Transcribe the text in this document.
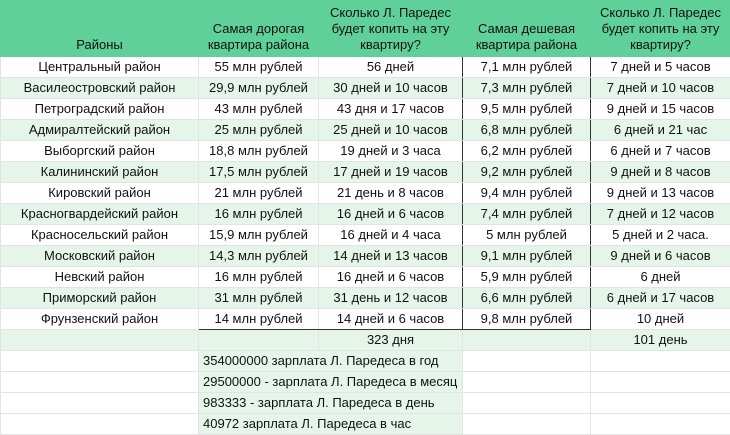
Районы	Самая дорогая квартира района	Сколько Л. Паредес будет копить на эту квартиру?	Самая дешевая квартира района	Сколько Л. Паредес будет копить на эту квартиру?
Центральный район	55 млн рублей	56 дней	7,1 млн рублей	7 дней и 5 часов
Василеостровский район	29,9 млн рублей	30 дней и 10 часов	7,3 млн рублей	7 дней и 10 часов
Петроградский район	43 млн рублей	43 дня и 17 часов	9,5 млн рублей	9 дней и 15 часов
Адмиралтейский район	25 млн рублей	25 дней и 10 часов	6,8 млн рублей	6 дней и 21 час
Выборгский район	18,8 млн рублей	19 дней и 3 часа	6,2 млн рублей	6 дней и 7 часов
Калининский район	17,5 млн рублей	17 дней и 19 часов	9,2 млн рублей	9 дней и 8 часов
Кировский район	21 млн рублей	21 день и 8 часов	9,4 млн рублей	9 дней и 13 часов
Красногвардейский район	16 млн рублей	16 дней и 6 часов	7,4 млн рублей	7 дней и 12 часов
Красносельский район	15,9 млн рублей	16 дней и 4 часа	5 млн рублей	5 дней и 2 часа.
Московский район	14,3 млн рублей	14 дней и 13 часов	9,1 млн рублей	9 дней и 6 часов
Невский район	16 млн рублей	16 дней и 6 часов	5,9 млн рублей	6 дней
Приморский район	31 млн рублей	31 день и 12 часов	6,6 млн рублей	6 дней и 17 часов
Фрунзенский район	14 млн рублей	14 дней и 6 часов	9,8 млн рублей	10 дней
		323 дня		101 день
	354000000 зарплата Л. Паредеса в год			
	29500000 - зарплата Л. Паредеса в месяц			
	983333 - зарплата Л. Паредеса в день			
	40972 зарплата Л. Паредеса в час			
